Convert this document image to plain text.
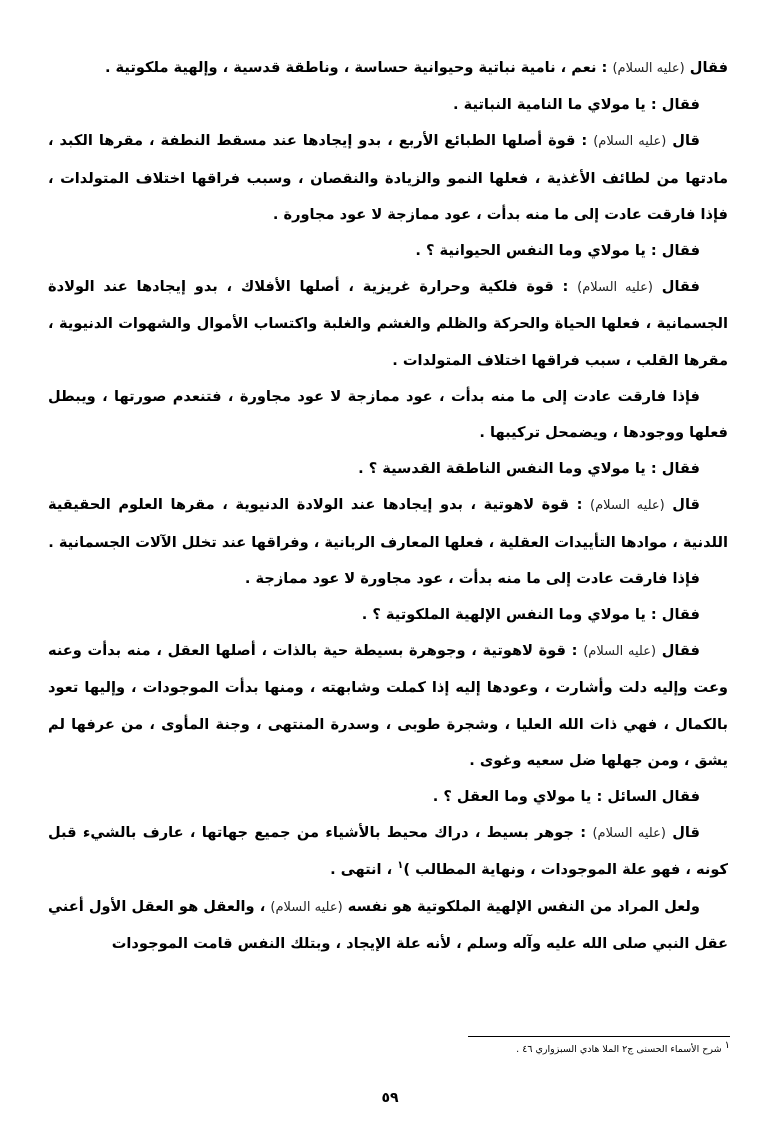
فقال (عليه السلام) : نعم ، نامية نباتية وحيوانية حساسة ، وناطقة قدسية ، وإلهية ملكوتية .

فقال : يا مولاي ما النامية النباتية .

قال (عليه السلام) : قوة أصلها الطبائع الأربع ، بدو إيجادها عند مسقط النطفة ، مقرها الكبد ، مادتها من لطائف الأغذية ، فعلها النمو والزيادة والنقصان ، وسبب فراقها اختلاف المتولدات ، فإذا فارقت عادت إلى ما منه بدأت ، عود ممازجة لا عود مجاورة .

فقال : يا مولاي وما النفس الحيوانية ؟ .

فقال (عليه السلام) : قوة فلكية وحرارة غريزية ، أصلها الأفلاك ، بدو إيجادها عند الولادة الجسمانية ، فعلها الحياة والحركة والظلم والغشم والغلبة واكتساب الأموال والشهوات الدنيوية ، مقرها القلب ، سبب فراقها اختلاف المتولدات .

فإذا فارقت عادت إلى ما منه بدأت ، عود ممازجة لا عود مجاورة ، فتنعدم صورتها ، ويبطل فعلها ووجودها ، ويضمحل تركيبها .

فقال : يا مولاي وما النفس الناطقة القدسية ؟ .

قال (عليه السلام) : قوة لاهوتية ، بدو إيجادها عند الولادة الدنيوية ، مقرها العلوم الحقيقية اللدنية ، موادها التأييدات العقلية ، فعلها المعارف الربانية ، وفراقها عند تخلل الآلات الجسمانية .

فإذا فارقت عادت إلى ما منه بدأت ، عود مجاورة لا عود ممازجة .

فقال : يا مولاي وما النفس الإلهية الملكوتية ؟ .

فقال (عليه السلام) : قوة لاهوتية ، وجوهرة بسيطة حية بالذات ، أصلها العقل ، منه بدأت وعنه وعت وإليه دلت وأشارت ، وعودها إليه إذا كملت وشابهته ، ومنها بدأت الموجودات ، وإليها تعود بالكمال ، فهي ذات الله العليا ، وشجرة طوبى ، وسدرة المنتهى ، وجنة المأوى ، من عرفها لم يشق ، ومن جهلها ضل سعيه وغوى .

فقال السائل : يا مولاي وما العقل ؟ .

قال (عليه السلام) : جوهر بسيط ، دراك محيط بالأشياء من جميع جهاتها ، عارف بالشيء قبل كونه ، فهو علة الموجودات ، ونهاية المطالب )$^١$ ، انتهى .

ولعل المراد من النفس الإلهية الملكوتية هو نفسه (عليه السلام) ، والعقل هو العقل الأول أعني عقل النبي صلى الله عليه وآله وسلم ، لأنه علة الإيجاد ، وبتلك النفس قامت الموجودات

١ شرح الأسماء الحسنى ج٢ الملا هادي السبزواري ٤٦ .
٥٩
